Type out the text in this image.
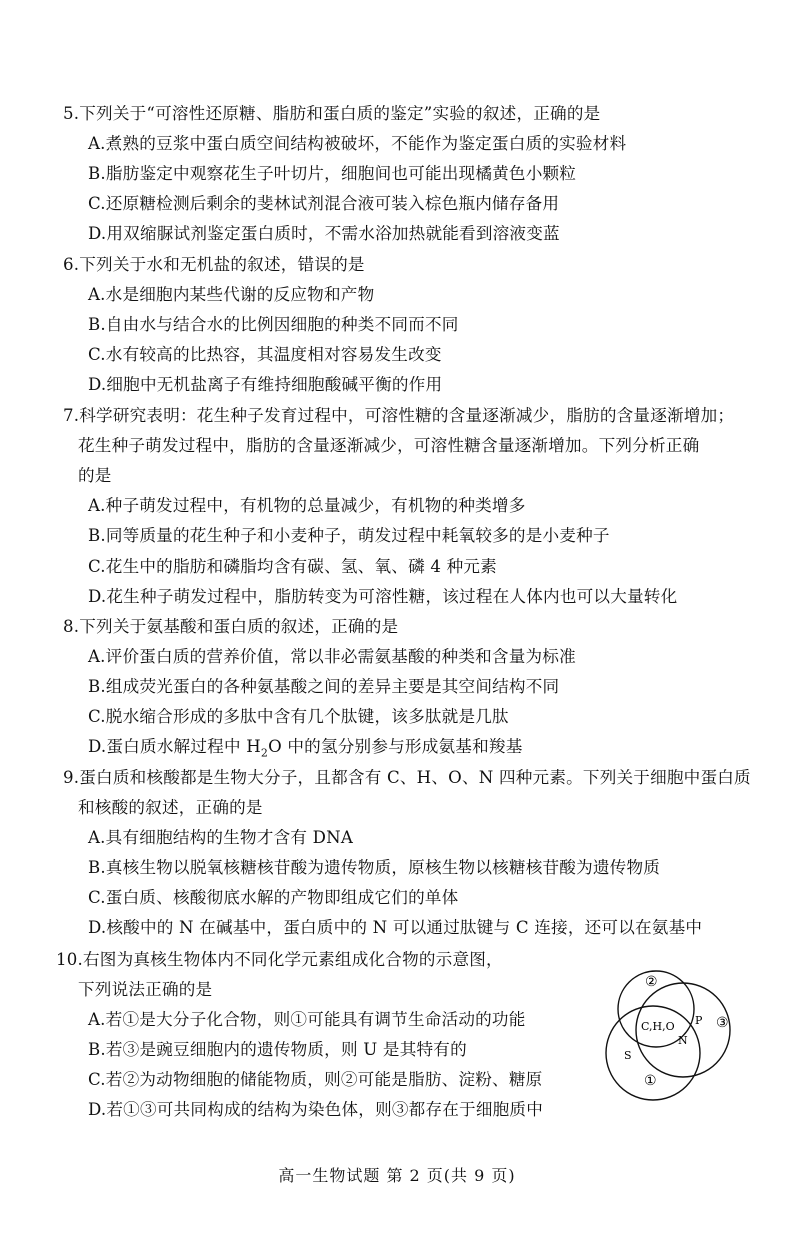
5.下列关于“可溶性还原糖、脂肪和蛋白质的鉴定”实验的叙述，正确的是
A.煮熟的豆浆中蛋白质空间结构被破坏，不能作为鉴定蛋白质的实验材料
B.脂肪鉴定中观察花生子叶切片，细胞间也可能出现橘黄色小颗粒
C.还原糖检测后剩余的斐林试剂混合液可装入棕色瓶内储存备用
D.用双缩脲试剂鉴定蛋白质时，不需水浴加热就能看到溶液变蓝
6.下列关于水和无机盐的叙述，错误的是
A.水是细胞内某些代谢的反应物和产物
B.自由水与结合水的比例因细胞的种类不同而不同
C.水有较高的比热容，其温度相对容易发生改变
D.细胞中无机盐离子有维持细胞酸碱平衡的作用
7.科学研究表明：花生种子发育过程中，可溶性糖的含量逐渐减少，脂肪的含量逐渐增加；
花生种子萌发过程中，脂肪的含量逐渐减少，可溶性糖含量逐渐增加。下列分析正确
的是
A.种子萌发过程中，有机物的总量减少，有机物的种类增多
B.同等质量的花生种子和小麦种子，萌发过程中耗氧较多的是小麦种子
C.花生中的脂肪和磷脂均含有碳、氢、氧、磷 4 种元素
D.花生种子萌发过程中，脂肪转变为可溶性糖，该过程在人体内也可以大量转化
8.下列关于氨基酸和蛋白质的叙述，正确的是
A.评价蛋白质的营养价值，常以非必需氨基酸的种类和含量为标准
B.组成荧光蛋白的各种氨基酸之间的差异主要是其空间结构不同
C.脱水缩合形成的多肽中含有几个肽键，该多肽就是几肽
D.蛋白质水解过程中 $H_2O$ 中的氢分别参与形成氨基和羧基
9.蛋白质和核酸都是生物大分子，且都含有 C、H、O、N 四种元素。下列关于细胞中蛋白质
和核酸的叙述，正确的是
A.具有细胞结构的生物才含有 DNA
B.真核生物以脱氧核糖核苷酸为遗传物质，原核生物以核糖核苷酸为遗传物质
C.蛋白质、核酸彻底水解的产物即组成它们的单体
D.核酸中的 N 在碱基中，蛋白质中的 N 可以通过肽键与 C 连接，还可以在氨基中
10.右图为真核生物体内不同化学元素组成化合物的示意图，
下列说法正确的是
A.若①是大分子化合物，则①可能具有调节生命活动的功能
B.若③是豌豆细胞内的遗传物质，则 U 是其特有的
C.若②为动物细胞的储能物质，则②可能是脂肪、淀粉、糖原
D.若①③可共同构成的结构为染色体，则③都存在于细胞质中
②
③
①
C,H,O P
N
S
高一生物试题 第 2 页(共 9 页)
